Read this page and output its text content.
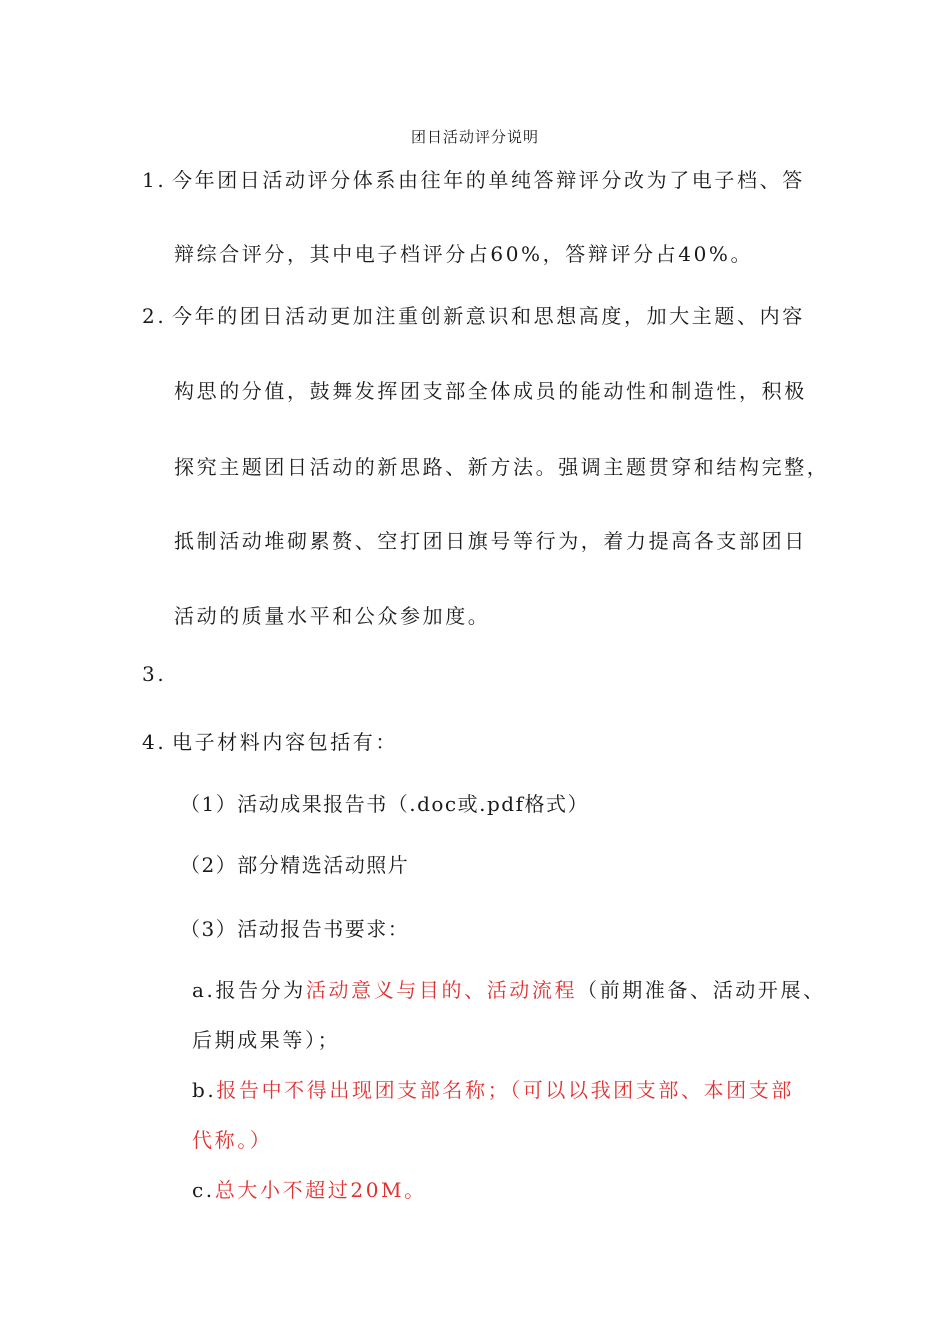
团日活动评分说明
1. 今年团日活动评分体系由往年的单纯答辩评分改为了电子档、答
辩综合评分，其中电子档评分占60%，答辩评分占40%。
2. 今年的团日活动更加注重创新意识和思想高度，加大主题、内容
构思的分值，鼓舞发挥团支部全体成员的能动性和制造性，积极
探究主题团日活动的新思路、新方法。强调主题贯穿和结构完整，
抵制活动堆砌累赘、空打团日旗号等行为，着力提高各支部团日
活动的质量水平和公众参加度。
3.
4. 电子材料内容包括有：
（1）活动成果报告书（.doc或.pdf格式）
（2）部分精选活动照片
（3）活动报告书要求：
a.报告分为活动意义与目的、活动流程（前期准备、活动开展、
后期成果等）；
b.报告中不得出现团支部名称；（可以以我团支部、本团支部
代称。）
c.总大小不超过20M。
